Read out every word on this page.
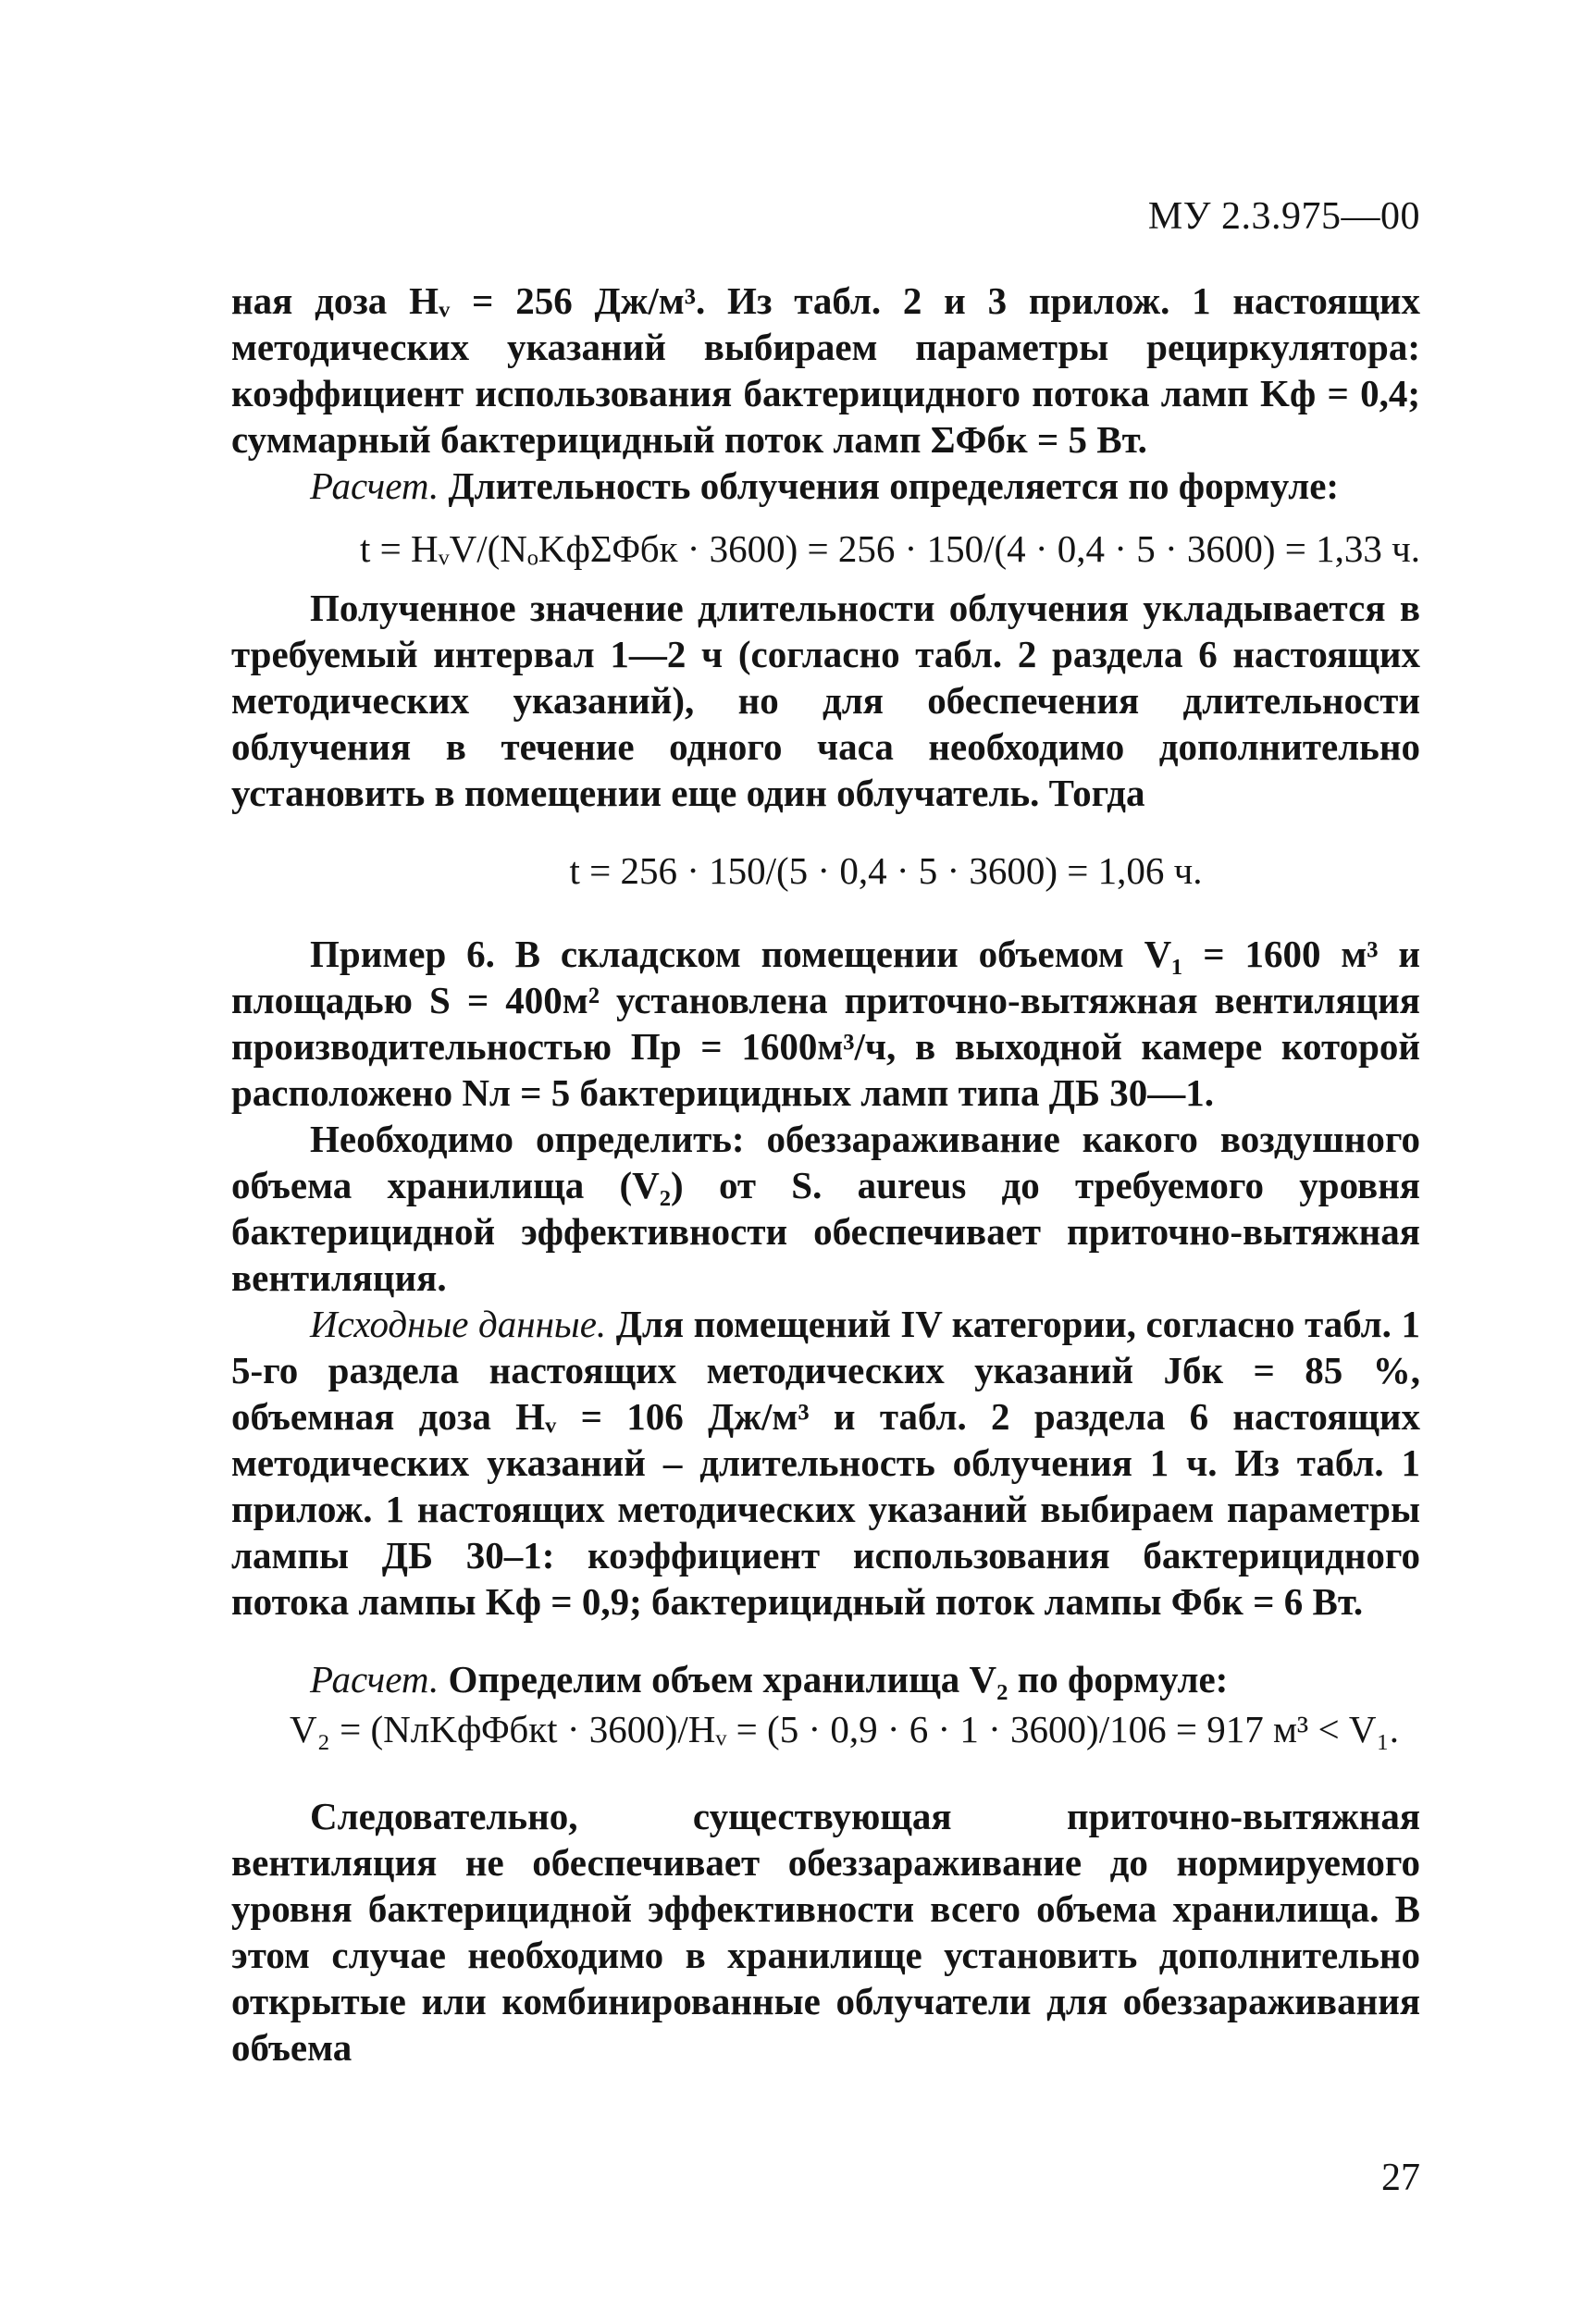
МУ 2.3.975—00

ная доза Hᵥ = 256 Дж/м³. Из табл. 2 и 3 прилож. 1 настоящих методических указаний выбираем параметры рециркулятора: коэффициент использования бактерицидного потока ламп Kф = 0,4; суммарный бактерицидный поток ламп ΣΦбк = 5 Вт.

Расчет. Длительность облучения определяется по формуле:

t = HᵥV/(NₒKфΣΦбк · 3600) = 256 · 150/(4 · 0,4 · 5 · 3600) = 1,33 ч.

Полученное значение длительности облучения укладывается в требуемый интервал 1—2 ч (согласно табл. 2 раздела 6 настоящих методических указаний), но для обеспечения длительности облучения в течение одного часа необходимо дополнительно установить в помещении еще один облучатель. Тогда

t = 256 · 150/(5 · 0,4 · 5 · 3600) = 1,06 ч.

Пример 6. В складском помещении объемом V₁ = 1600 м³ и площадью S = 400м² установлена приточно-вытяжная вентиляция производительностью Пр = 1600м³/ч, в выходной камере которой расположено Nл = 5 бактерицидных ламп типа ДБ 30—1.

Необходимо определить: обеззараживание какого воздушного объема хранилища (V₂) от S. aureus до требуемого уровня бактерицидной эффективности обеспечивает приточно-вытяжная вентиляция.

Исходные данные. Для помещений IV категории, согласно табл. 1 5-го раздела настоящих методических указаний Jбк = 85 %, объемная доза Hᵥ = 106 Дж/м³ и табл. 2 раздела 6 настоящих методических указаний – длительность облучения 1 ч. Из табл. 1 прилож. 1 настоящих методических указаний выбираем параметры лампы ДБ 30–1: коэффициент использования бактерицидного потока лампы Kф = 0,9; бактерицидный поток лампы Φбк = 6 Вт.

Расчет. Определим объем хранилища V₂ по формуле:

V₂ = (NлKфΦбкt · 3600)/Hᵥ = (5 · 0,9 · 6 · 1 · 3600)/106 = 917 м³ < V₁.

Следовательно, существующая приточно-вытяжная вентиляция не обеспечивает обеззараживание до нормируемого уровня бактерицидной эффективности всего объема хранилища. В этом случае необходимо в хранилище установить дополнительно открытые или комбинированные облучатели для обеззараживания объема

27
